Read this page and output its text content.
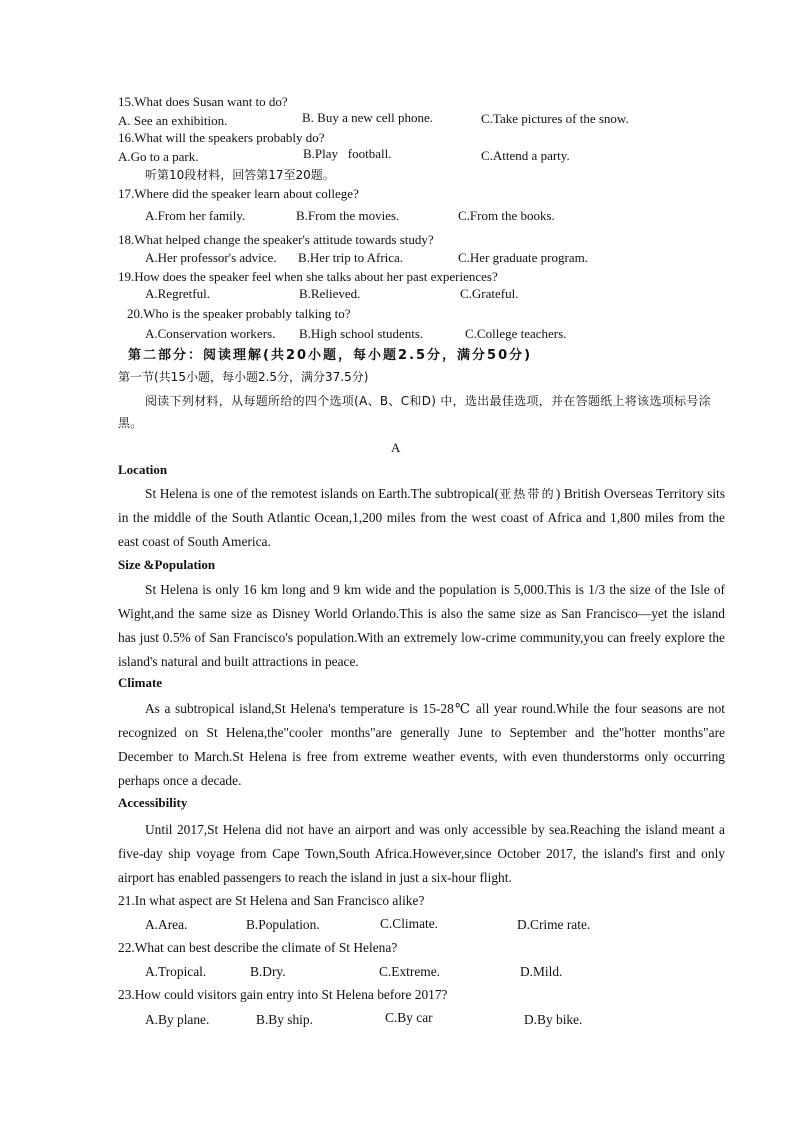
15.What does Susan want to do?
A. See an exhibition.	B. Buy a new cell phone.	C.Take pictures of the snow.
16.What will the speakers probably do?
A.Go to a park.	B.Play   football.	C.Attend a party.
听第10段材料，回答第17至20题。
17.Where did the speaker learn about college?
A.From her family.	B.From the movies.	C.From the books.
18.What helped change the speaker's attitude towards study?
A.Her professor's advice. B.Her trip to Africa.	C.Her graduate program.
19.How does the speaker feel when she talks about her past experiences?
A.Regretful.	B.Relieved.	C.Grateful.
20.Who is the speaker probably talking to?
A.Conservation workers. B.High school students.	C.College teachers.
第二部分：阅读理解(共20小题，每小题2.5分，满分50分)
第一节(共15小题，每小题2.5分，满分37.5分)
阅读下列材料，从每题所给的四个选项(A、B、C和D) 中，选出最佳选项，并在答题纸上将该选项标号涂黑。
A
Location
St Helena is one of the remotest islands on Earth.The subtropical(亚热带的) British Overseas Territory sits in the middle of the South Atlantic Ocean,1,200 miles from the west coast of Africa and 1,800 miles from the east coast of South America.
Size &Population
St Helena is only 16 km long and 9 km wide and the population is 5,000.This is 1/3 the size of the Isle of Wight,and the same size as Disney World Orlando.This is also the same size as San Francisco—yet the island has just 0.5% of San Francisco's population.With an extremely low-crime community,you can freely explore the island's natural and built attractions in peace.
Climate
As a subtropical island,St Helena's temperature is 15-28℃ all year round.While the four seasons are not recognized on St Helena,the"cooler months"are generally June to September and the"hotter months"are December to March.St Helena is free from extreme weather events, with even thunderstorms only occurring perhaps once a decade.
Accessibility
Until 2017,St Helena did not have an airport and was only accessible by sea.Reaching the island meant a five-day ship voyage from Cape Town,South Africa.However,since October 2017, the island's first and only airport has enabled passengers to reach the island in just a six-hour flight.
21.In what aspect are St Helena and San Francisco alike?
A.Area.	B.Population.	C.Climate.	D.Crime rate.
22.What can best describe the climate of St Helena?
A.Tropical.	B.Dry.	C.Extreme.	D.Mild.
23.How could visitors gain entry into St Helena before 2017?
A.By plane.	B.By ship.	C.By car	D.By bike.
